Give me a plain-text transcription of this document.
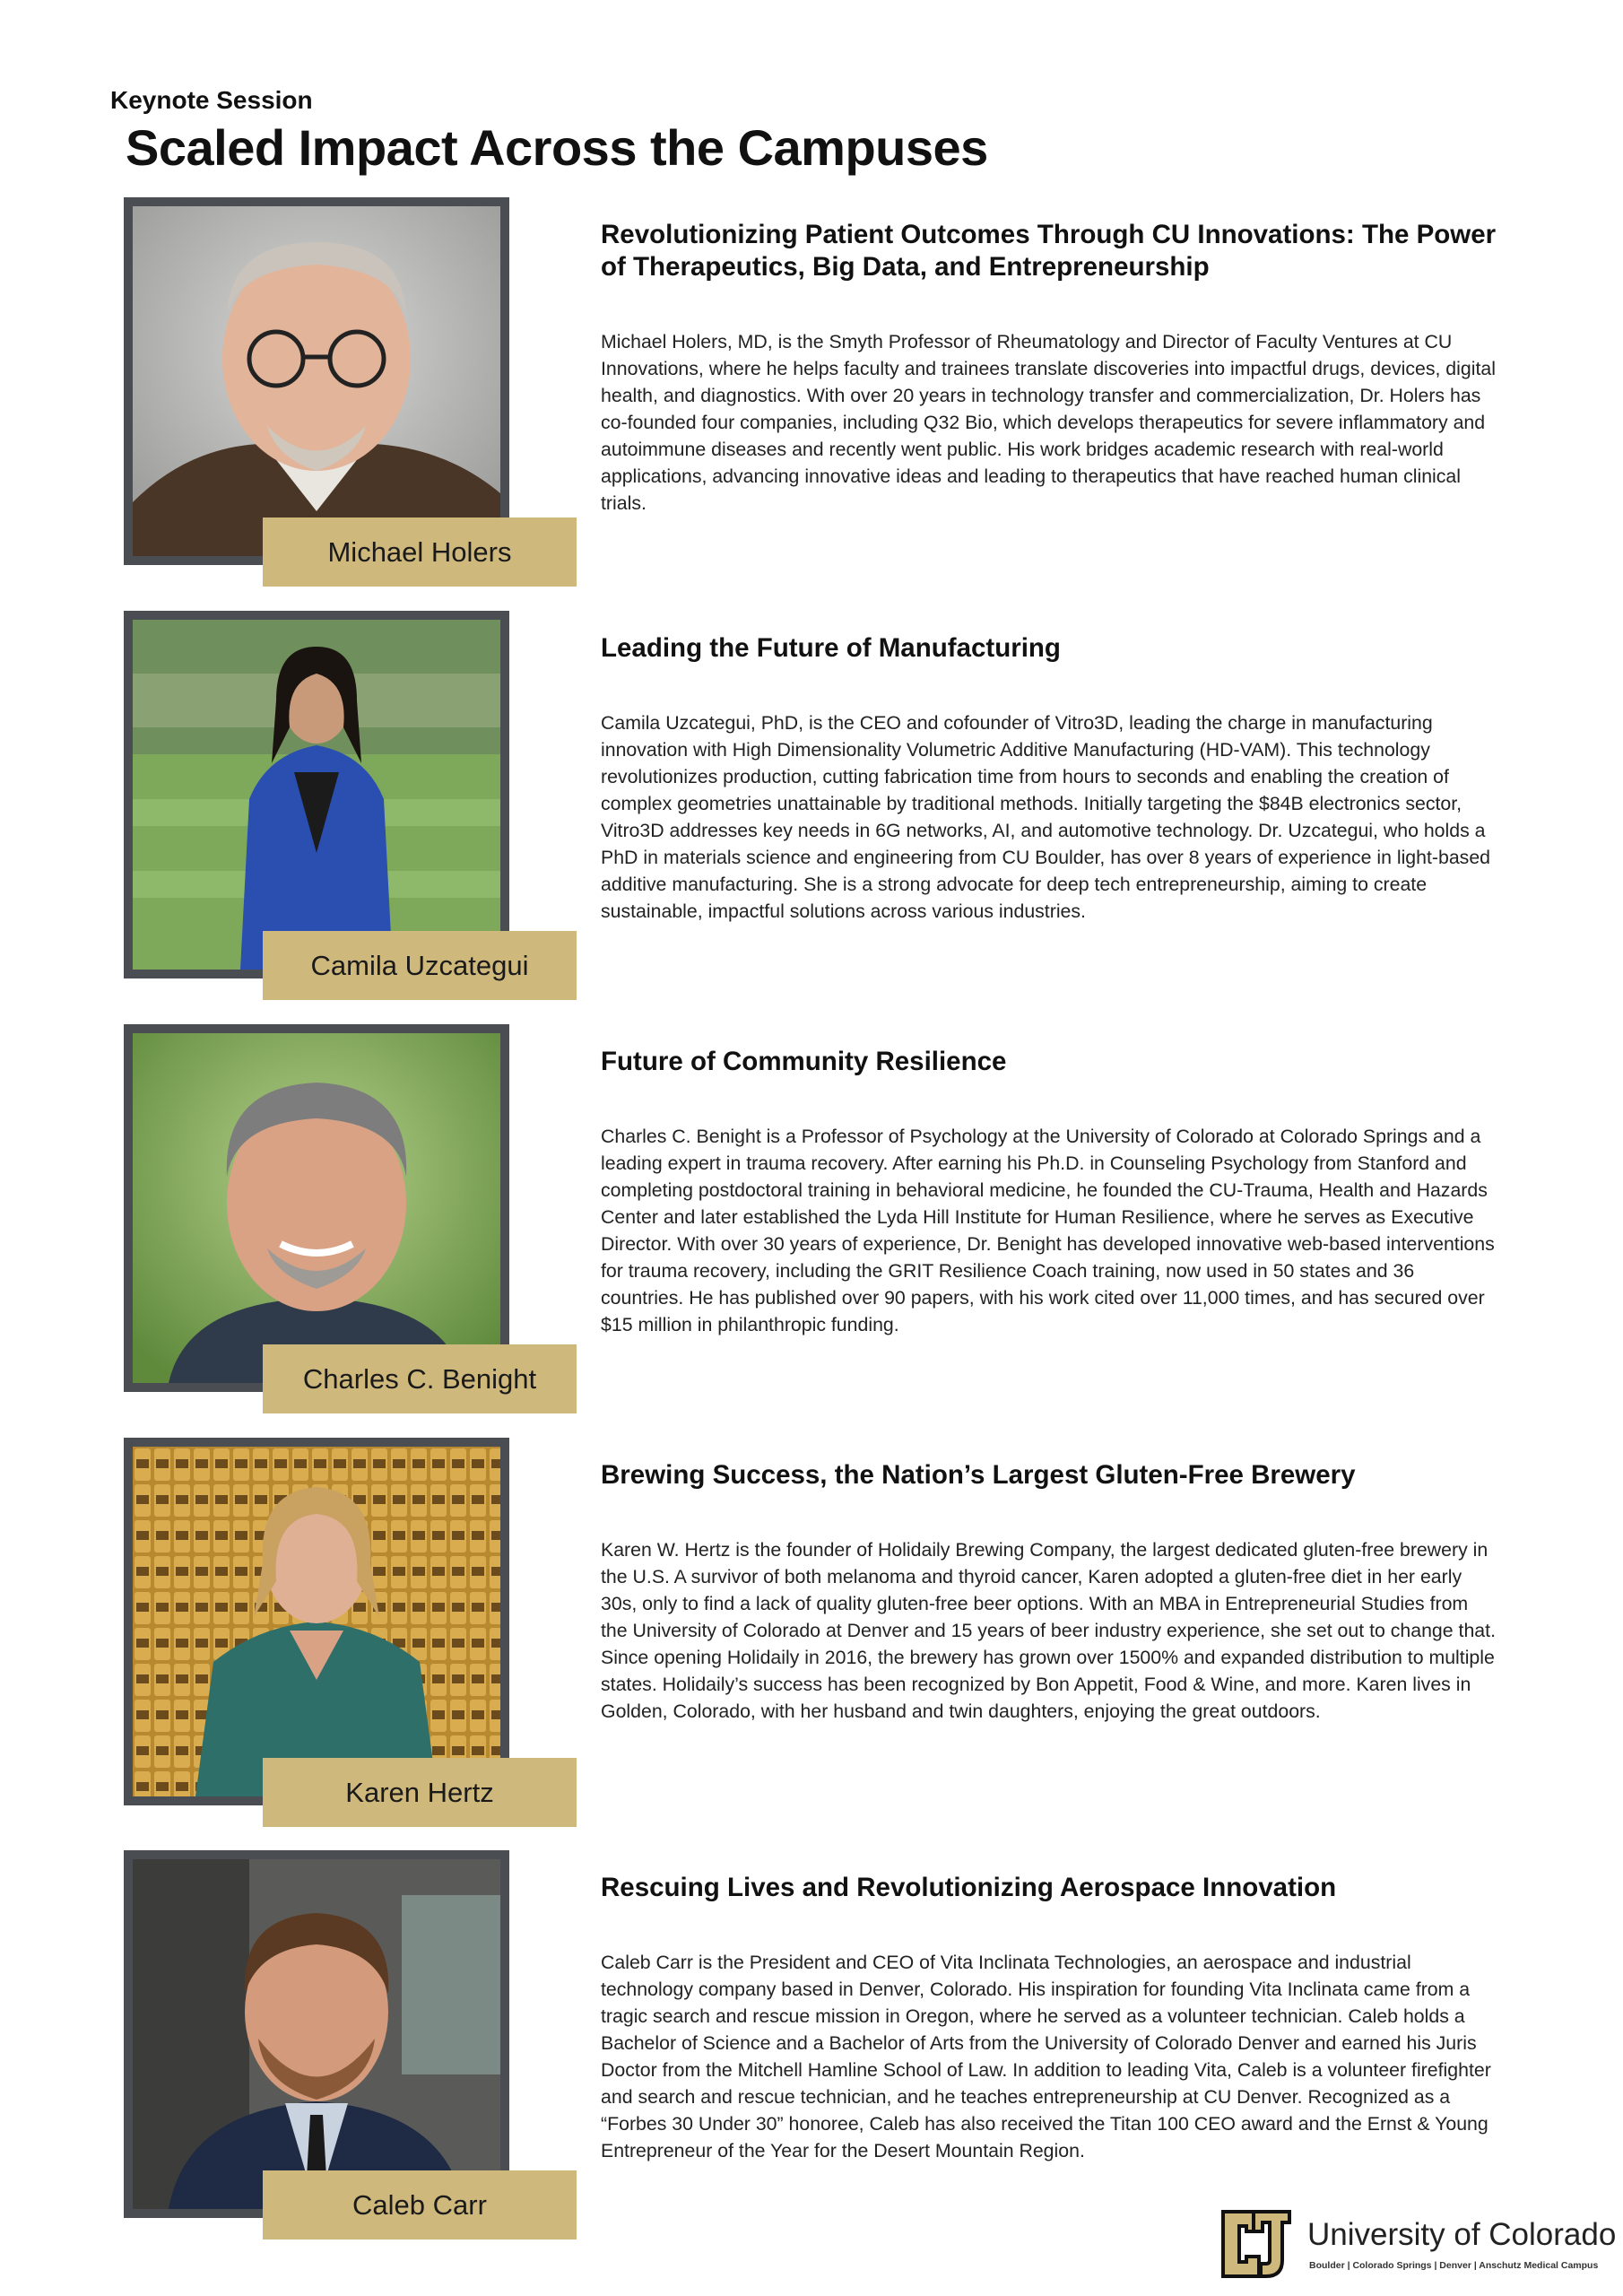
Keynote Session
Scaled Impact Across the Campuses
Michael Holers
Revolutionizing Patient Outcomes Through CU Innovations: The Power of Therapeutics, Big Data, and Entrepreneurship
Michael Holers, MD, is the Smyth Professor of Rheumatology and Director of Faculty Ventures at CU Innovations, where he helps faculty and trainees translate discoveries into impactful drugs, devices, digital health, and diagnostics. With over 20 years in technology transfer and commercialization, Dr. Holers has co-founded four companies, including Q32 Bio, which develops therapeutics for severe inflammatory and autoimmune diseases and recently went public. His work bridges academic research with real-world applications, advancing innovative ideas and leading to therapeutics that have reached human clinical trials.
Camila Uzcategui
Leading the Future of Manufacturing
Camila Uzcategui, PhD, is the CEO and cofounder of Vitro3D, leading the charge in manufacturing innovation with High Dimensionality Volumetric Additive Manufacturing (HD-VAM). This technology revolutionizes production, cutting fabrication time from hours to seconds and enabling the creation of complex geometries unattainable by traditional methods. Initially targeting the $84B electronics sector, Vitro3D addresses key needs in 6G networks, AI, and automotive technology. Dr. Uzcategui, who holds a PhD in materials science and engineering from CU Boulder, has over 8 years of experience in light-based additive manufacturing. She is a strong advocate for deep tech entrepreneurship, aiming to create sustainable, impactful solutions across various industries.
Charles C. Benight
Future of Community Resilience
Charles C. Benight is a Professor of Psychology at the University of Colorado at Colorado Springs and a leading expert in trauma recovery. After earning his Ph.D. in Counseling Psychology from Stanford and completing postdoctoral training in behavioral medicine, he founded the CU-Trauma, Health and Hazards Center and later established the Lyda Hill Institute for Human Resilience, where he serves as Executive Director. With over 30 years of experience, Dr. Benight has developed innovative web-based interventions for trauma recovery, including the GRIT Resilience Coach training, now used in 50 states and 36 countries. He has published over 90 papers, with his work cited over 11,000 times, and has secured over $15 million in philanthropic funding.
Karen Hertz
Brewing Success, the Nation’s Largest Gluten-Free Brewery
Karen W. Hertz is the founder of Holidaily Brewing Company, the largest dedicated gluten-free brewery in the U.S. A survivor of both melanoma and thyroid cancer, Karen adopted a gluten-free diet in her early 30s, only to find a lack of quality gluten-free beer options. With an MBA in Entrepreneurial Studies from the University of Colorado at Denver and 15 years of beer industry experience, she set out to change that. Since opening Holidaily in 2016, the brewery has grown over 1500% and expanded distribution to multiple states. Holidaily’s success has been recognized by Bon Appetit, Food & Wine, and more. Karen lives in Golden, Colorado, with her husband and twin daughters, enjoying the great outdoors.
Caleb Carr
Rescuing Lives and Revolutionizing Aerospace Innovation
Caleb Carr is the President and CEO of Vita Inclinata Technologies, an aerospace and industrial technology company based in Denver, Colorado. His inspiration for founding Vita Inclinata came from a tragic search and rescue mission in Oregon, where he served as a volunteer technician. Caleb holds a Bachelor of Science and a Bachelor of Arts from the University of Colorado Denver and earned his Juris Doctor from the Mitchell Hamline School of Law. In addition to leading Vita, Caleb is a volunteer firefighter and search and rescue technician, and he teaches entrepreneurship at CU Denver. Recognized as a “Forbes 30 Under 30” honoree, Caleb has also received the Titan 100 CEO award and the Ernst & Young Entrepreneur of the Year for the Desert Mountain Region.
University of Colorado
Boulder | Colorado Springs | Denver | Anschutz Medical Campus
